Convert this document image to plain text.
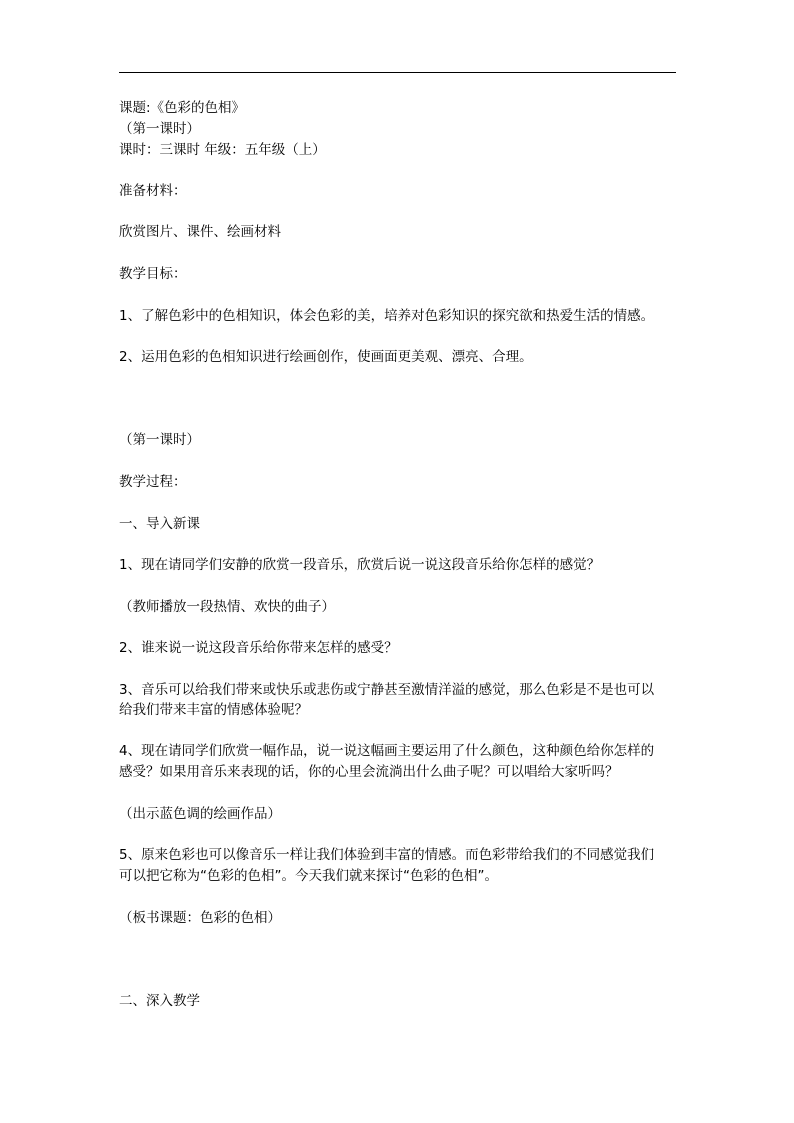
课题:《色彩的色相》
（第一课时）
课时：三课时 年级：五年级（上）
准备材料：
欣赏图片、课件、绘画材料
教学目标：
1、了解色彩中的色相知识，体会色彩的美，培养对色彩知识的探究欲和热爱生活的情感。
2、运用色彩的色相知识进行绘画创作，使画面更美观、漂亮、合理。
（第一课时）
教学过程：
一、导入新课
1、现在请同学们安静的欣赏一段音乐，欣赏后说一说这段音乐给你怎样的感觉？
（教师播放一段热情、欢快的曲子）
2、谁来说一说这段音乐给你带来怎样的感受？
3、音乐可以给我们带来或快乐或悲伤或宁静甚至激情洋溢的感觉，那么色彩是不是也可以
给我们带来丰富的情感体验呢？
4、现在请同学们欣赏一幅作品，说一说这幅画主要运用了什么颜色，这种颜色给你怎样的
感受？如果用音乐来表现的话，你的心里会流淌出什么曲子呢？可以唱给大家听吗？
（出示蓝色调的绘画作品）
5、原来色彩也可以像音乐一样让我们体验到丰富的情感。而色彩带给我们的不同感觉我们
可以把它称为“色彩的色相”。今天我们就来探讨“色彩的色相”。
（板书课题：色彩的色相）
二、深入教学
